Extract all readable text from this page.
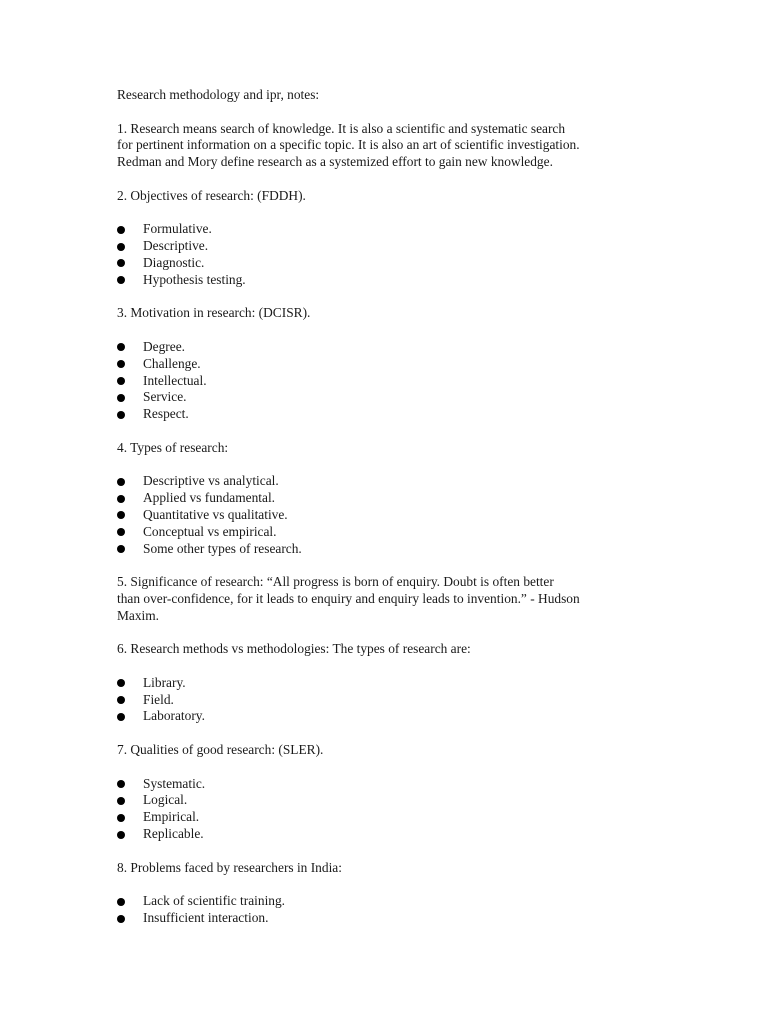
Research methodology and ipr, notes:

1. Research means search of knowledge. It is also a scientific and systematic search
for pertinent information on a specific topic. It is also an art of scientific investigation.
Redman and Mory define research as a systemized effort to gain new knowledge.

2. Objectives of research: (FDDH).

Formulative.
Descriptive.
Diagnostic.
Hypothesis testing.

3. Motivation in research: (DCISR).

Degree.
Challenge.
Intellectual.
Service.
Respect.

4. Types of research:

Descriptive vs analytical.
Applied vs fundamental.
Quantitative vs qualitative.
Conceptual vs empirical.
Some other types of research.

5. Significance of research: “All progress is born of enquiry. Doubt is often better
than over-confidence, for it leads to enquiry and enquiry leads to invention.” - Hudson
Maxim.

6. Research methods vs methodologies: The types of research are:

Library.
Field.
Laboratory.

7. Qualities of good research: (SLER).

Systematic.
Logical.
Empirical.
Replicable.

8. Problems faced by researchers in India:

Lack of scientific training.
Insufficient interaction.
